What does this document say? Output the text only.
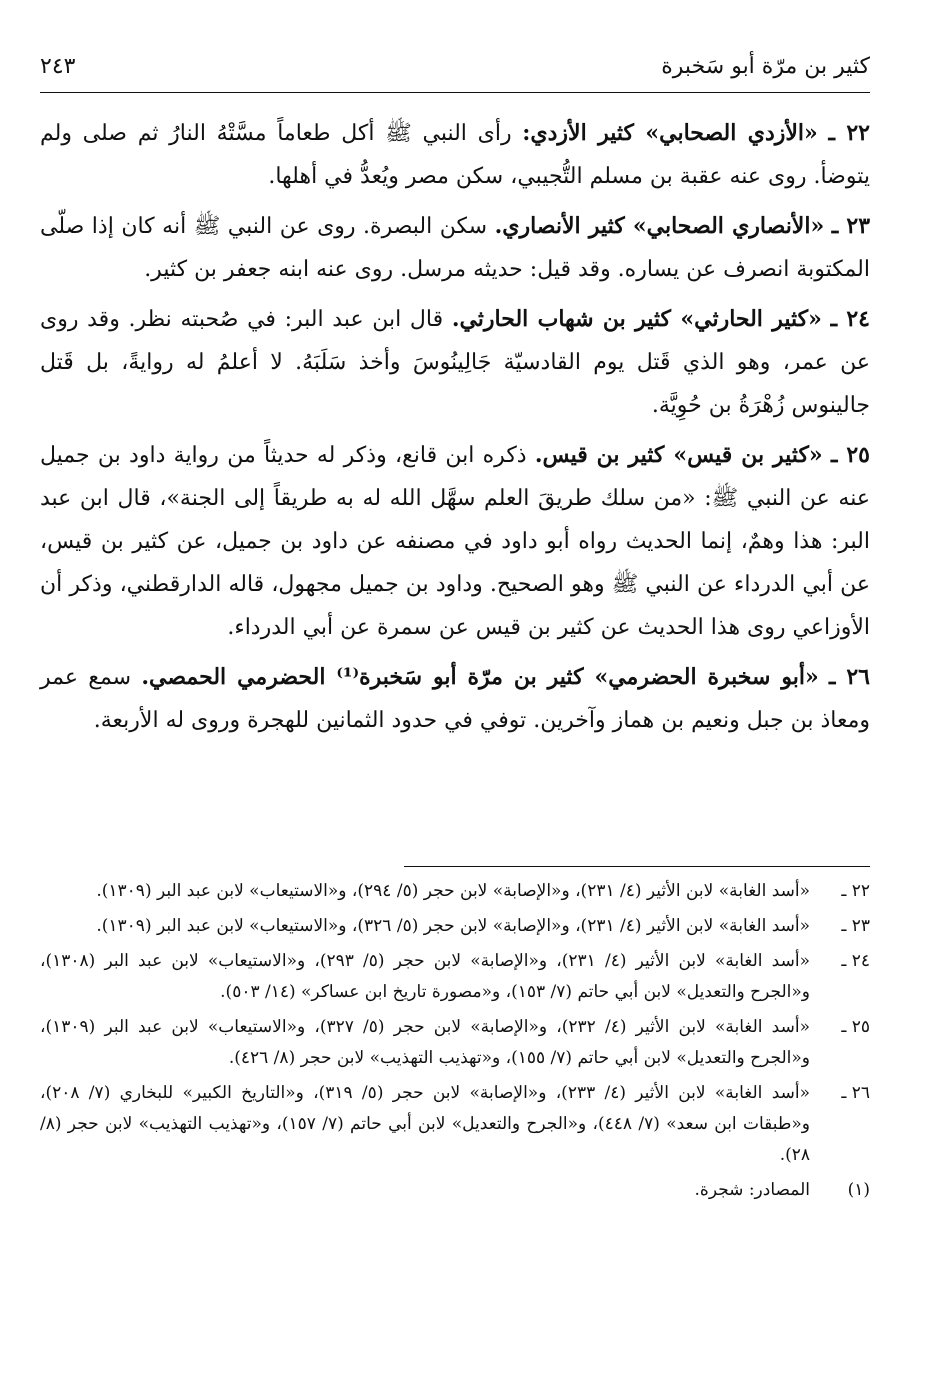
كثير بن مرّة أبو سَخبرة
٢٤٣

٢٢ ـ «الأزدي الصحابي» كثير الأزدي: رأى النبي ﷺ أكل طعاماً مسَّتْهُ النارُ ثم صلى ولم يتوضأ. روى عنه عقبة بن مسلم التُّجيبي، سكن مصر ويُعدُّ في أهلها.

٢٣ ـ «الأنصاري الصحابي» كثير الأنصاري. سكن البصرة. روى عن النبي ﷺ أنه كان إذا صلّى المكتوبة انصرف عن يساره. وقد قيل: حديثه مرسل. روى عنه ابنه جعفر بن كثير.

٢٤ ـ «كثير الحارثي» كثير بن شهاب الحارثي. قال ابن عبد البر: في صُحبته نظر. وقد روى عن عمر، وهو الذي قَتل يوم القادسيّة جَالِينُوسَ وأخذ سَلَبَهُ. لا أعلمُ له روايةً، بل قَتل جالينوس زُهْرَةُ بن حُوِيَّة.

٢٥ ـ «كثير بن قيس» كثير بن قيس. ذكره ابن قانع، وذكر له حديثاً من رواية داود بن جميل عنه عن النبي ﷺ: «من سلك طريقَ العلم سهَّل الله له به طريقاً إلى الجنة»، قال ابن عبد البر: هذا وهمٌ، إنما الحديث رواه أبو داود في مصنفه عن داود بن جميل، عن كثير بن قيس، عن أبي الدرداء عن النبي ﷺ وهو الصحيح. وداود بن جميل مجهول، قاله الدارقطني، وذكر أن الأوزاعي روى هذا الحديث عن كثير بن قيس عن سمرة عن أبي الدرداء.

٢٦ ـ «أبو سخبرة الحضرمي» كثير بن مرّة أبو سَخبرة⁽¹⁾ الحضرمي الحمصي. سمع عمر ومعاذ بن جبل ونعيم بن هماز وآخرين. توفي في حدود الثمانين للهجرة وروى له الأربعة.

٢٢ ـ
«أسد الغابة» لابن الأثير (٤/ ٢٣١)، و«الإصابة» لابن حجر (٥/ ٢٩٤)، و«الاستيعاب» لابن عبد البر (١٣٠٩).
٢٣ ـ
«أسد الغابة» لابن الأثير (٤/ ٢٣١)، و«الإصابة» لابن حجر (٥/ ٣٢٦)، و«الاستيعاب» لابن عبد البر (١٣٠٩).
٢٤ ـ
«أسد الغابة» لابن الأثير (٤/ ٢٣١)، و«الإصابة» لابن حجر (٥/ ٢٩٣)، و«الاستيعاب» لابن عبد البر (١٣٠٨)، و«الجرح والتعديل» لابن أبي حاتم (٧/ ١٥٣)، و«مصورة تاريخ ابن عساكر» (١٤/ ٥٠٣).
٢٥ ـ
«أسد الغابة» لابن الأثير (٤/ ٢٣٢)، و«الإصابة» لابن حجر (٥/ ٣٢٧)، و«الاستيعاب» لابن عبد البر (١٣٠٩)، و«الجرح والتعديل» لابن أبي حاتم (٧/ ١٥٥)، و«تهذيب التهذيب» لابن حجر (٨/ ٤٢٦).
٢٦ ـ
«أسد الغابة» لابن الأثير (٤/ ٢٣٣)، و«الإصابة» لابن حجر (٥/ ٣١٩)، و«التاريخ الكبير» للبخاري (٧/ ٢٠٨)، و«طبقات ابن سعد» (٧/ ٤٤٨)، و«الجرح والتعديل» لابن أبي حاتم (٧/ ١٥٧)، و«تهذيب التهذيب» لابن حجر (٨/ ٢٨).
(١)
المصادر: شجرة.
